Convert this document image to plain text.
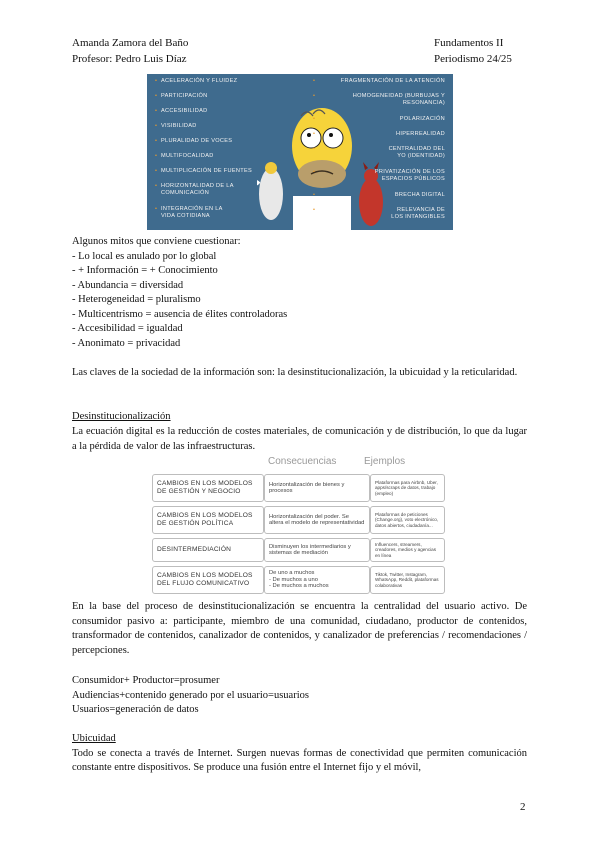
Amanda Zamora del Baño
Profesor: Pedro Luis Díaz
Fundamentos II
Periodismo 24/25
• ACELERACIÓN Y FLUIDEZ
• PARTICIPACIÓN
• ACCESIBILIDAD
• VISIBILIDAD
• PLURALIDAD DE VOCES
• MULTIFOCALIDAD
• MULTIPLICACIÓN DE FUENTES
• HORIZONTALIDAD DE LA
COMUNICACIÓN
• INTEGRACIÓN EN LA
VIDA COTIDIANA
• FRAGMENTACIÓN DE LA ATENCIÓN
• HOMOGENEIDAD (BURBUJAS Y
RESONANCIA)
• POLARIZACIÓN
• HIPERREALIDAD
• CENTRALIDAD DEL
YO (IDENTIDAD)
• PRIVATIZACIÓN DE LOS
ESPACIOS PÚBLICOS
• BRECHA DIGITAL
• RELEVANCIA DE
LOS INTANGIBLES
Algunos mitos que conviene cuestionar:
- Lo local es anulado por lo global
- + Información = + Conocimiento
- Abundancia = diversidad
- Heterogeneidad = pluralismo
- Multicentrismo = ausencia de élites controladoras
- Accesibilidad = igualdad
- Anonimato = privacidad
Las claves de la sociedad de la información son: la desinstitucionalización, la ubicuidad y la reticularidad.
Desinstitucionalización
La ecuación digital es la reducción de costes materiales, de comunicación y de distribución, lo que da lugar a la pérdida de valor de las infraestructuras.
Consecuencias	Ejemplos
CAMBIOS EN LOS MODELOS DE GESTIÓN Y NEGOCIO
Horizontalización de bienes y procesos
Plataformas para Airbnb, Uber, apps/scraps de datos, trabajo (empleo)
CAMBIOS EN LOS MODELOS DE GESTIÓN POLÍTICA
Horizontalización del poder. Se altera el modelo de representatividad
Plataformas de peticiones (Change.org), voto electrónico, datos abiertos, ciudadanía...
DESINTERMEDIACIÓN	Disminuyen los intermediarios y sistemas de mediación
Influencers, streamers, creadores, medios y agencias en línea
CAMBIOS EN LOS MODELOS DEL FLUJO COMUNICATIVO
De uno a muchos
- De muchos a uno
- De muchos a muchos
Tiktok, Twitter, Instagram, WhatsApp, Reddit, plataformas colaborativas
En la base del proceso de desinstitucionalización se encuentra la centralidad del usuario activo. De consumidor pasivo a: participante, miembro de una comunidad, ciudadano, productor de contenidos, transformador de contenidos, canalizador de contenidos, y canalizador de preferencias / recomendaciones / percepciones.
Consumidor+ Productor=prosumer
Audiencias+contenido generado por el usuario=usuarios
Usuarios=generación de datos
Ubicuidad
Todo se conecta a través de Internet. Surgen nuevas formas de conectividad que permiten comunicación constante entre dispositivos. Se produce una fusión entre el Internet fijo y el móvil,
2
